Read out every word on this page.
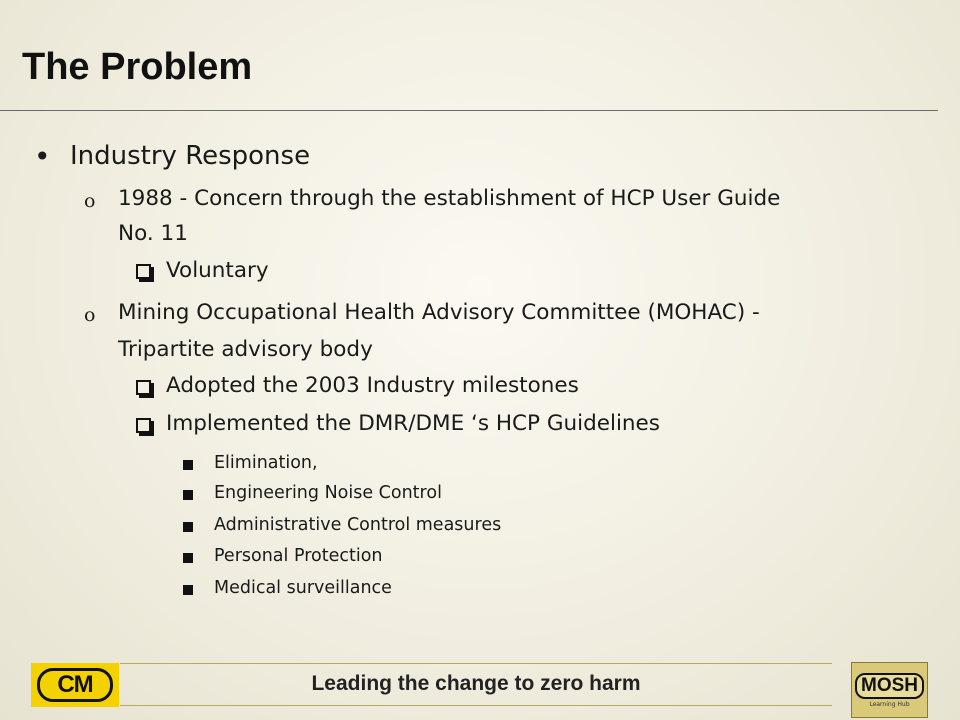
The Problem
• Industry Response
o 1988 - Concern through the establishment of HCP User Guide
No. 11
Voluntary
o Mining Occupational Health Advisory Committee (MOHAC) -
Tripartite advisory body
Adopted the 2003 Industry milestones
Implemented the DMR/DME ‘s HCP Guidelines
Elimination,
Engineering Noise Control
Administrative Control measures
Personal Protection
Medical surveillance
CM	Leading the change to zero harm	MOSH
Learning Hub
